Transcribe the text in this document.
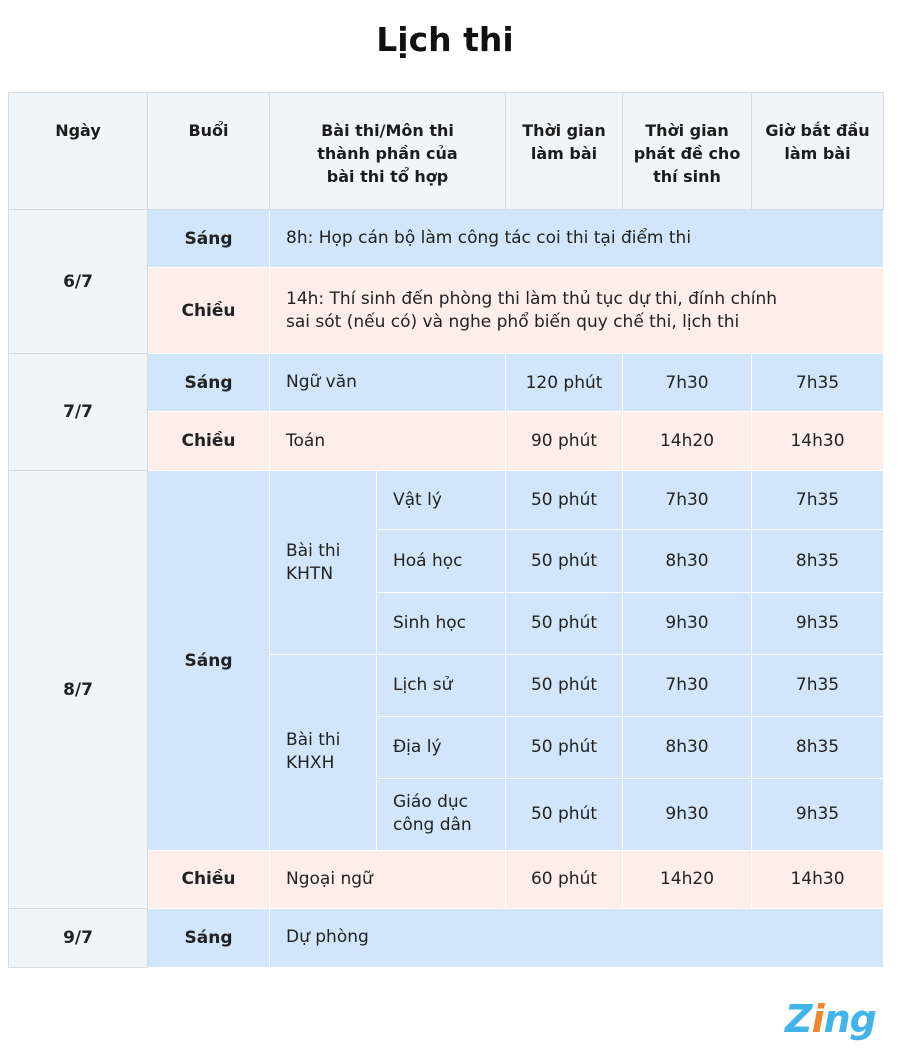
Lịch thi
Ngày	Buổi	Bài thi/Môn thi thành phần của bài thi tổ hợp		Thời gian làm bài	Thời gian phát đề cho thí sinh	Giờ bắt đầu làm bài
6/7	Sáng	8h: Họp cán bộ làm công tác coi thi tại điểm thi				
	Chiều	14h: Thí sinh đến phòng thi làm thủ tục dự thi, đính chính sai sót (nếu có) và nghe phổ biến quy chế thi, lịch thi				
7/7	Sáng	Ngữ văn		120 phút	7h30	7h35
	Chiều	Toán		90 phút	14h20	14h30
8/7	Sáng	Bài thi KHTN	Vật lý	50 phút	7h30	7h35
			Hoá học	50 phút	8h30	8h35
			Sinh học	50 phút	9h30	9h35
		Bài thi KHXH	Lịch sử	50 phút	7h30	7h35
			Địa lý	50 phút	8h30	8h35
			Giáo dục công dân	50 phút	9h30	9h35
	Chiều	Ngoại ngữ		60 phút	14h20	14h30
9/7	Sáng	Dự phòng				
Zing
